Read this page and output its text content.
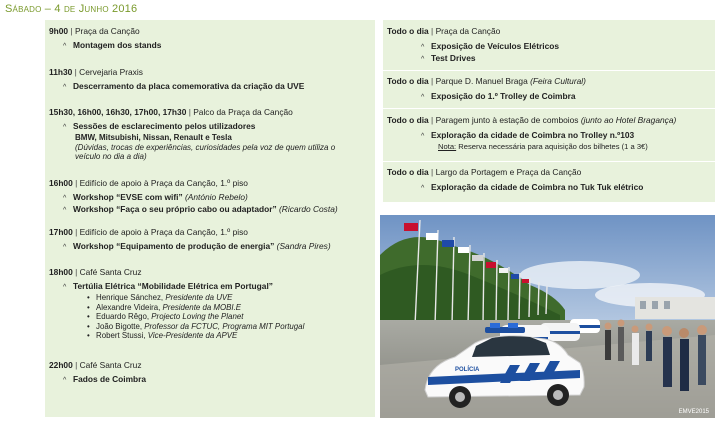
Sábado – 4 de Junho 2016
9h00 | Praça da Canção
^ Montagem dos stands
11h30 | Cervejaria Praxis
^ Descerramento da placa comemorativa da criação da UVE
15h30, 16h00, 16h30, 17h00, 17h30 | Palco da Praça da Canção
^ Sessões de esclarecimento pelos utilizadores
BMW, Mitsubishi, Nissan, Renault e Tesla
(Dúvidas, trocas de experiências, curiosidades pela voz de quem utiliza o
veículo no dia a dia)
16h00 | Edifício de apoio à Praça da Canção, 1.º piso
^ Workshop “EVSE com wifi” (António Rebelo)
^ Workshop “Faça o seu próprio cabo ou adaptador” (Ricardo Costa)
17h00 | Edifício de apoio à Praça da Canção, 1.º piso
^ Workshop “Equipamento de produção de energia” (Sandra Pires)
18h00 | Café Santa Cruz
^ Tertúlia Elétrica “Mobilidade Elétrica em Portugal”
• Henrique Sánchez, Presidente da UVE
• Alexandre Videira, Presidente da MOBI.E
• Eduardo Rêgo, Projecto Loving the Planet
• João Bigotte, Professor da FCTUC, Programa MIT Portugal
• Robert Stussi, Vice-Presidente da APVE
22h00 | Café Santa Cruz
^ Fados de Coimbra
Todo o dia | Praça da Canção
^ Exposição de Veículos Elétricos
^ Test Drives
Todo o dia | Parque D. Manuel Braga (Feira Cultural)
^ Exposição do 1.º Trolley de Coimbra
Todo o dia | Paragem junto à estação de comboios (junto ao Hotel Bragança)
^ Exploração da cidade de Coimbra no Trolley n.º103
Nota: Reserva necessária para aquisição dos bilhetes (1 a 3€)
Todo o dia | Largo da Portagem e Praça da Canção
^ Exploração da cidade de Coimbra no Tuk Tuk elétrico
POLÍCIA
EMVE2015
